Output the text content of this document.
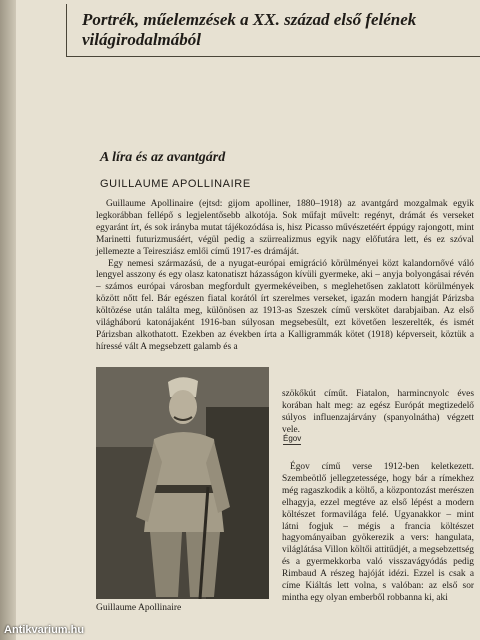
Portrék, műelemzések a XX. század első felének világirodalmából
A líra és az avantgárd
GUILLAUME APOLLINAIRE

Guillaume Apollinaire (ejtsd: gijom apolliner, 1880–1918) az avantgárd mozgalmak egyik legkorábban fellépő s legjelentősebb alkotója. Sok műfajt művelt: regényt, drámát és verseket egyaránt írt, és sok irányba mutat tájékozódása is, hisz Picasso művészetéért éppúgy rajongott, mint Marinetti futurizmusáért, végül pedig a szürrealizmus egyik nagy előfutára lett, és ez szóval jellemezte a Teiresziász emlői című 1917-es drámáját.

Egy nemesi származású, de a nyugat-európai emigráció körülményei közt kalandornővé váló lengyel asszony és egy olasz katonatiszt házasságon kívüli gyermeke, aki – anyja bolyongásai révén – számos európai városban megfordult gyermekéveiben, s meglehetősen zaklatott körülmények között nőtt fel. Bár egészen fiatal korától írt szerelmes verseket, igazán modern hangját Párizsba költözése után találta meg, különösen az 1913-as Szeszek című verskötet darabjaiban. Az első világháború katonájaként 1916-ban súlyosan megsebesült, ezt követően leszerelték, és ismét Párizsban alkothatott. Ezekben az években írta a Kalligrammák kötet (1918) képverseit, köztük a híressé vált A megsebzett galamb és a

szökőkút címűt. Fiatalon, harmincnyolc éves korában halt meg: az egész Európát megtizedelő súlyos influenzajárvány (spanyolnátha) végzett vele.
Égov

Égov című verse 1912-ben keletkezett. Szembeötlő jellegzetessége, hogy bár a rímekhez még ragaszkodik a költő, a központozást merészen elhagyja, ezzel megtéve az első lépést a modern költészet formavilága felé. Ugyanakkor – mint látni fogjuk – mégis a francia költészet hagyományaiban gyökerezik a vers: hangulata, világlátása Villon költői attitűdjét, a megsebzettség és a gyermekkorba való visszavágyódás pedig Rimbaud A részeg hajóját idézi. Ezzel is csak a címe Kiáltás lett volna, s valóban: az első sor mintha egy olyan emberből robbanna ki, aki

Guillaume Apollinaire
Antikvarium.hu
